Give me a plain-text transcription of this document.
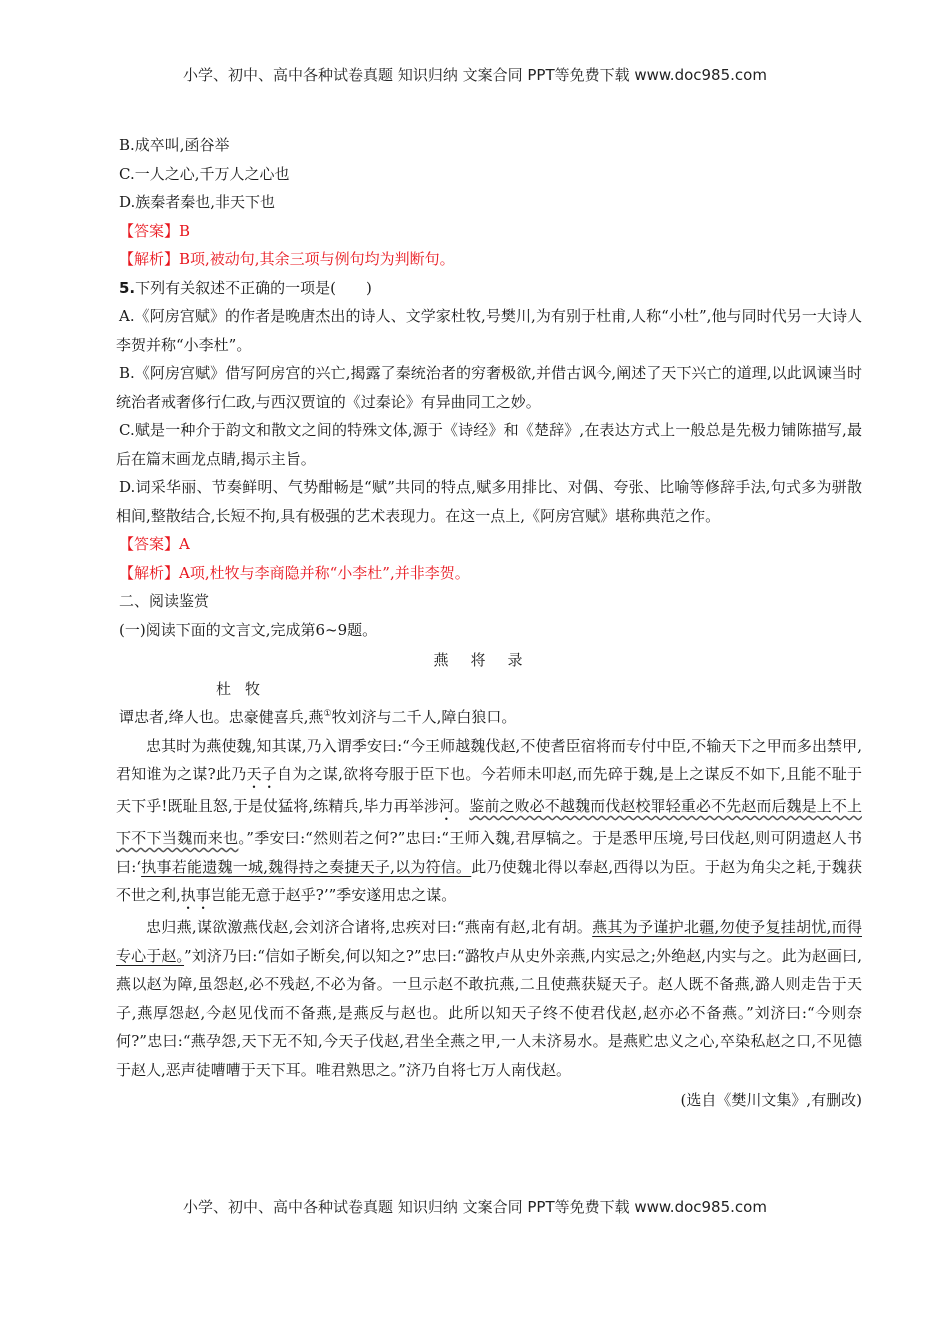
小学、初中、高中各种试卷真题 知识归纳 文案合同 PPT等免费下载 www.doc985.com
B.成卒叫,函谷举
C.一人之心,千万人之心也
D.族秦者秦也,非天下也
【答案】B
【解析】B项,被动句,其余三项与例句均为判断句。
5.下列有关叙述不正确的一项是(　　)
A.《阿房宫赋》的作者是晚唐杰出的诗人、文学家杜牧,号樊川,为有别于杜甫,人称“小杜”,他与同时代另一大诗人李贺并称“小李杜”。
B.《阿房宫赋》借写阿房宫的兴亡,揭露了秦统治者的穷奢极欲,并借古讽今,阐述了天下兴亡的道理,以此讽谏当时统治者戒奢侈行仁政,与西汉贾谊的《过秦论》有异曲同工之妙。
C.赋是一种介于韵文和散文之间的特殊文体,源于《诗经》和《楚辞》,在表达方式上一般总是先极力铺陈描写,最后在篇末画龙点睛,揭示主旨。
D.词采华丽、节奏鲜明、气势酣畅是“赋”共同的特点,赋多用排比、对偶、夸张、比喻等修辞手法,句式多为骈散相间,整散结合,长短不拘,具有极强的艺术表现力。在这一点上,《阿房宫赋》堪称典范之作。
【答案】A
【解析】A项,杜牧与李商隐并称“小李杜”,并非李贺。
二、阅读鉴赏
(一)阅读下面的文言文,完成第6~9题。
燕将录
杜牧
谭忠者,绛人也。忠豪健喜兵,燕①牧刘济与二千人,障白狼口。
忠其时为燕使魏,知其谋,乃入谓季安曰:“今王师越魏伐赵,不使耆臣宿将而专付中臣,不输天下之甲而多出禁甲,君知谁为之谋?此乃天子自为之谋,欲将夸服于臣下也。今若师未叩赵,而先碎于魏,是上之谋反不如下,且能不耻于天下乎!既耻且怒,于是仗猛将,练精兵,毕力再举涉河。鉴前之败必不越魏而伐赵校罪轻重必不先赵而后魏是上不上下不下当魏而来也。”季安曰:“然则若之何?”忠曰:“王师入魏,君厚犒之。于是悉甲压境,号曰伐赵,则可阴遗赵人书曰:‘执事若能遗魏一城,魏得持之奏捷天子,以为符信。此乃使魏北得以奉赵,西得以为臣。于赵为角尖之耗,于魏获不世之利,执事岂能无意于赵乎?’”季安遂用忠之谋。
忠归燕,谋欲激燕伐赵,会刘济合诸将,忠疾对曰:“燕南有赵,北有胡。燕其为予谨护北疆,勿使予复挂胡忧,而得专心于赵。”刘济乃曰:“信如子断矣,何以知之?”忠曰:“潞牧卢从史外亲燕,内实忌之;外绝赵,内实与之。此为赵画曰,燕以赵为障,虽怨赵,必不残赵,不必为备。一旦示赵不敢抗燕,二且使燕获疑天子。赵人既不备燕,潞人则走告于天子,燕厚怨赵,今赵见伐而不备燕,是燕反与赵也。此所以知天子终不使君伐赵,赵亦必不备燕。”刘济曰:“今则奈何?”忠曰:“燕孕怨,天下无不知,今天子伐赵,君坐全燕之甲,一人未济易水。是燕贮忠义之心,卒染私赵之口,不见德于赵人,恶声徒嘈嘈于天下耳。唯君熟思之。”济乃自将七万人南伐赵。
(选自《樊川文集》,有删改)
小学、初中、高中各种试卷真题 知识归纳 文案合同 PPT等免费下载 www.doc985.com
